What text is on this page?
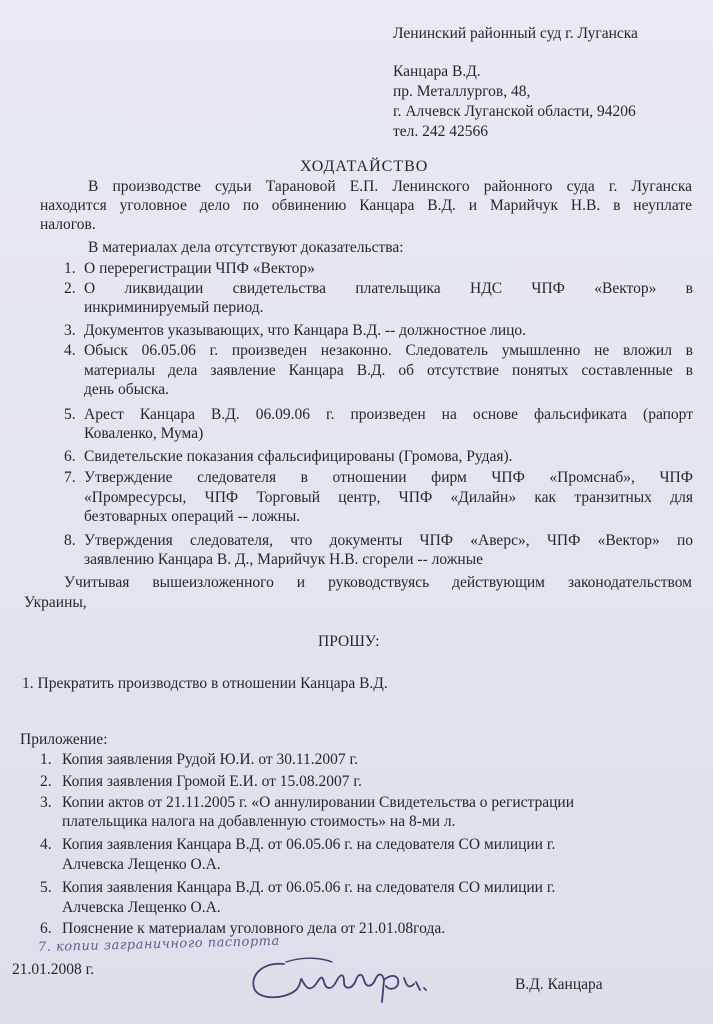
Ленинский районный суд г. Луганска
Канцара В.Д.
пр. Металлургов, 48,
г. Алчевск Луганской области, 94206
тел. 242 42566
ХОДАТАЙСТВО
В производстве судьи Тарановой Е.П. Ленинского районного суда г. Луганска
находится уголовное дело по обвинению Канцара В.Д. и Марийчук Н.В. в неуплате
налогов.
В материалах дела отсутствуют доказательства:
1. О перерегистрации ЧПФ «Вектор»
2. О ликвидации свидетельства плательщика НДС ЧПФ «Вектор» в
инкриминируемый период.
3. Документов указывающих, что Канцара В.Д. -- должностное лицо.
4. Обыск 06.05.06 г. произведен незаконно. Следователь умышленно не вложил в
материалы дела заявление Канцара В.Д. об отсутствие понятых составленные в
день обыска.
5. Арест Канцара В.Д. 06.09.06 г. произведен на основе фальсификата (рапорт
Коваленко, Мума)
6. Свидетельские показания сфальсифицированы (Громова, Рудая).
7. Утверждение следователя в отношении фирм ЧПФ «Промснаб», ЧПФ
«Промресурсы, ЧПФ Торговый центр, ЧПФ «Дилайн» как транзитных для
безтоварных операций -- ложны.
8. Утверждения следователя, что документы ЧПФ «Аверс», ЧПФ «Вектор» по
заявлению Канцара В. Д., Марийчук Н.В. сгорели -- ложные
Учитывая вышеизложенного и руководствуясь действующим законодательством
Украины,
ПРОШУ:
1. Прекратить производство в отношении Канцара В.Д.
Приложение:
1. Копия заявления Рудой Ю.И. от 30.11.2007 г.
2. Копия заявления Громой Е.И. от 15.08.2007 г.
3. Копии актов от 21.11.2005 г. «О аннулировании Свидетельства о регистрации
плательщика налога на добавленную стоимость» на 8-ми л.
4. Копия заявления Канцара В.Д. от 06.05.06 г. на следователя СО милиции г.
Алчевска Лещенко О.А.
5. Копия заявления Канцара В.Д. от 06.05.06 г. на следователя СО милиции г.
Алчевска Лещенко О.А.
6. Пояснение к материалам уголовного дела от 21.01.08года.
7. копии заграничного паспорта
21.01.2008 г.
В.Д. Канцара
